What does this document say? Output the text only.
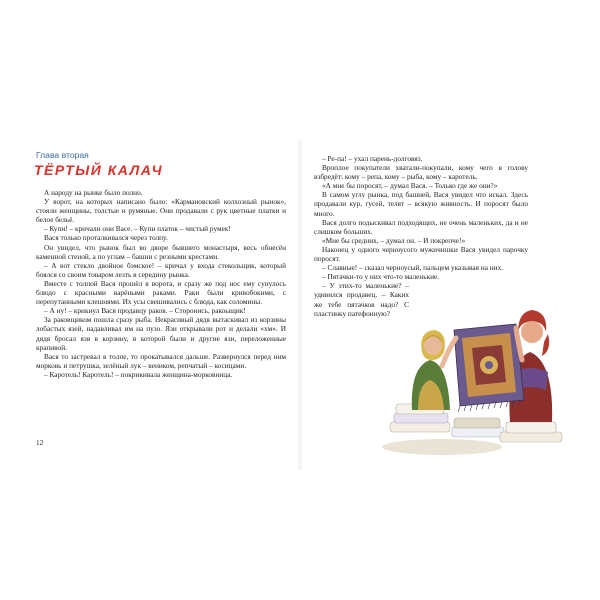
Глава вторая
ТЁРТЫЙ КАЛАЧ

А народу на рынке было полно.

У ворот, на которых написано было: «Кармановский колхозный рынок», стояли женщины, толстые и румяные. Они продавали с рук цветные платки и белое бельё.

– Купи! – кричали они Васе. – Купи платок – чистый румек!

Вася только проталкивался через толпу.

Он увидел, что рынок был во дворе бывшего монастыря, весь обнесён каменной стеной, а по углам – башни с резными крестами.

– А вот стекло двойное бэмское! – кричал у входа стекольщик, который боялся со своим товаром лезть в середину рынка.

Вместе с толпой Вася прошёл в ворота, и сразу же под нос ему сунулось блюдо с красными варёными раками. Раки были кривобокими, с перепутанными клешнями. Их усы свешивались с блюда, как соломины.

– А ну! – крикнул Вася продавцу раков. – Сторонись, ракоыщик!

За раковщиком пошла сразу рыба. Некрасивый дядя вытаскивал из корзины лобастых язей, надавливал им на пузо. Язи открывали рот и делали «хм». И дядя бросал язя в корзину, в которой были и другие язи, переложенные крапивой.

Вася то застревал в толпе, то прокатывался дальше. Развернулся перед ним морковь и петрушка, зелёный лук – веником, репчатый – косицами.

– Каротель! Каротель! – покрикивала женщина-морковница.

12

– Ре-па! – ухал парень-долговяз.

Вроплое покупатели хватали-покупали, кому чего в голову взбредёт: кому – репа, кому – рыба, кому – каротель.

«А мне бы поросят, – думал Вася. – Только где же они?»

В самом углу рынка, под башней, Вася увидел что искал. Здесь продавали кур, гусей, телят – всякую живность. И поросят было много.

Вася долго подыскивал подходящих, не очень маленьких, да и не слишком больших.

«Мне бы средних, – думал он. – И покрепче!»

Наконец у одного черноусого мужичишки Вася увидел парочку поросят.

– Славные! – сказал черноусый, пальцем указывая на них.

– Пятачки-то у них что-то маленькие.

– У этих-то маленькие? – удивился продавец. – Каких же тебе пятачков надо? С пластинку патефонную?
